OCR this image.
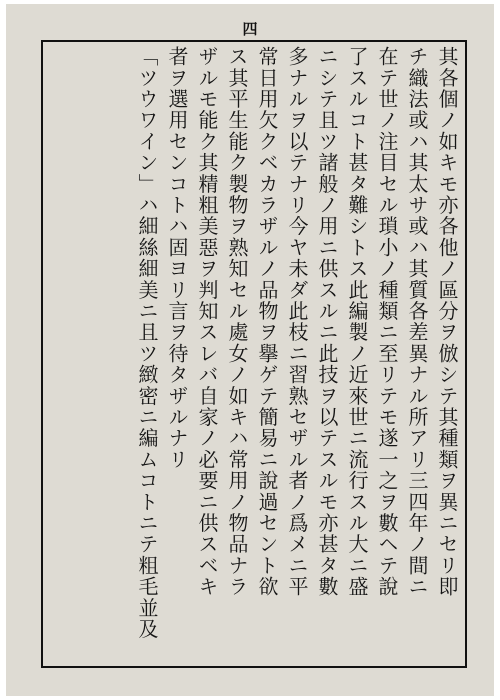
四
其各個ノ如キモ亦各他ノ區分ヲ倣シテ其種類ヲ異ニセリ即
チ織法或ハ其太サ或ハ其質各差異ナル所アリ三四年ノ間ニ
在テ世ノ注目セル瑣小ノ種類ニ至リテモ遂一之ヲ數ヘテ說
了スルコト甚タ難シトス此編製ノ近來世ニ流行スル大ニ盛
ニシテ且ツ諸般ノ用ニ供スルニ此技ヲ以テスルモ亦甚タ數
多ナルヲ以テナリ今ヤ未ダ此枝ニ習熟セザル者ノ爲メニ平
常日用欠クベカラザルノ品物ヲ擧ゲテ簡易ニ說過セント欲
ス其平生能ク製物ヲ熟知セル處女ノ如キハ常用ノ物品ナラ
ザルモ能ク其精粗美惡ヲ判知スレバ自家ノ必要ニ供スベキ
者ヲ選用センコトハ固ヨリ言ヲ待タザルナリ
「ツウワイン」ハ細絲細美ニ且ツ緻密ニ編ムコトニテ粗毛並及
